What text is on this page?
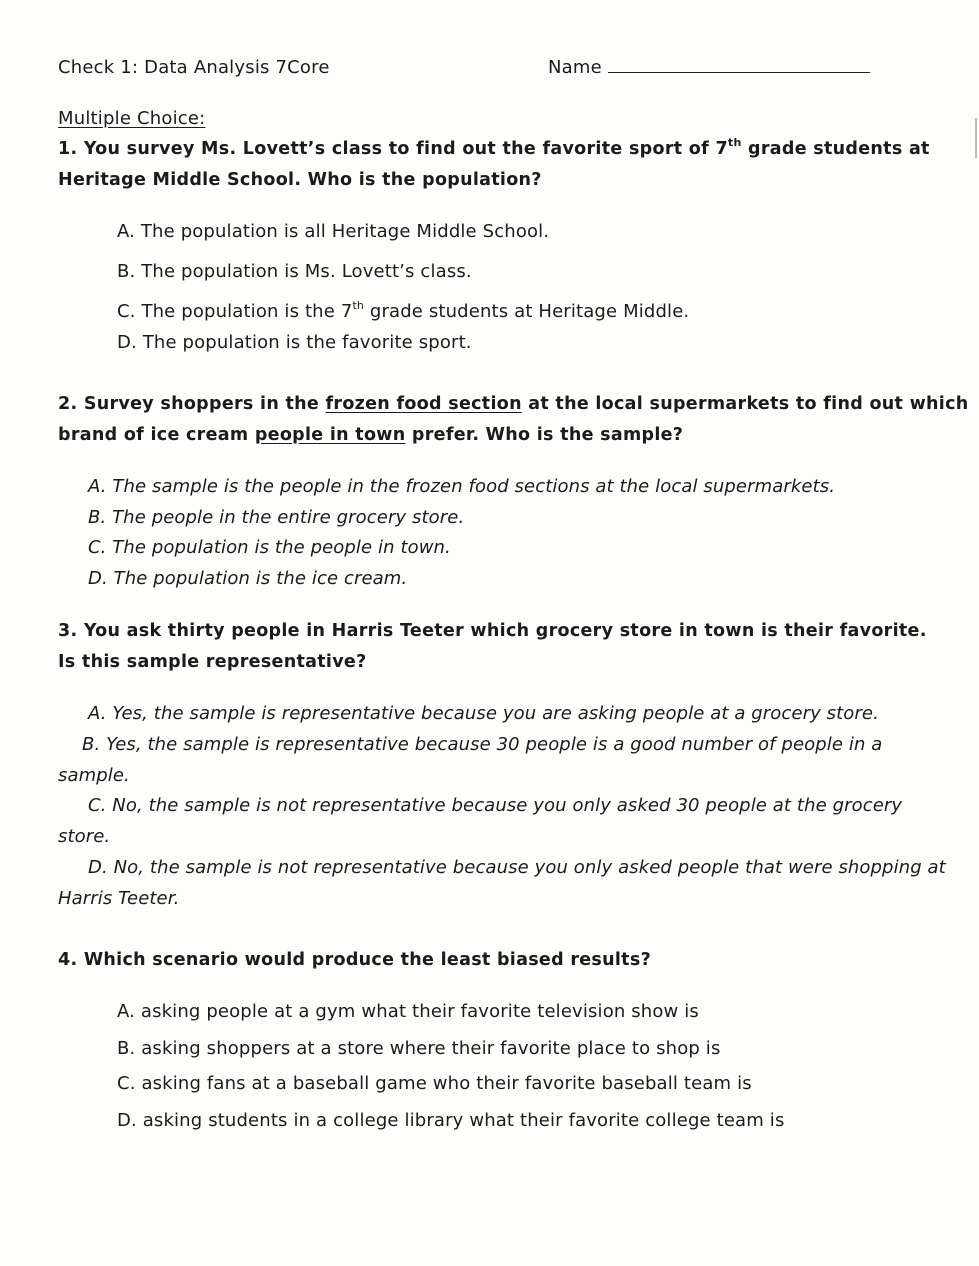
Check 1: Data Analysis 7Core	Name
Multiple Choice:
1. You survey Ms. Lovett’s class to find out the favorite sport of 7th grade students at
Heritage Middle School. Who is the population?
A. The population is all Heritage Middle School.
B. The population is Ms. Lovett’s class.
C. The population is the 7th grade students at Heritage Middle.
D. The population is the favorite sport.
2. Survey shoppers in the frozen food section at the local supermarkets to find out which
brand of ice cream people in town prefer. Who is the sample?
A. The sample is the people in the frozen food sections at the local supermarkets.
B. The people in the entire grocery store.
C. The population is the people in town.
D. The population is the ice cream.
3. You ask thirty people in Harris Teeter which grocery store in town is their favorite.
Is this sample representative?
A. Yes, the sample is representative because you are asking people at a grocery store.
B. Yes, the sample is representative because 30 people is a good number of people in a
sample.
C. No, the sample is not representative because you only asked 30 people at the grocery
store.
D. No, the sample is not representative because you only asked people that were shopping at
Harris Teeter.
4. Which scenario would produce the least biased results?
A. asking people at a gym what their favorite television show is
B. asking shoppers at a store where their favorite place to shop is
C. asking fans at a baseball game who their favorite baseball team is
D. asking students in a college library what their favorite college team is
